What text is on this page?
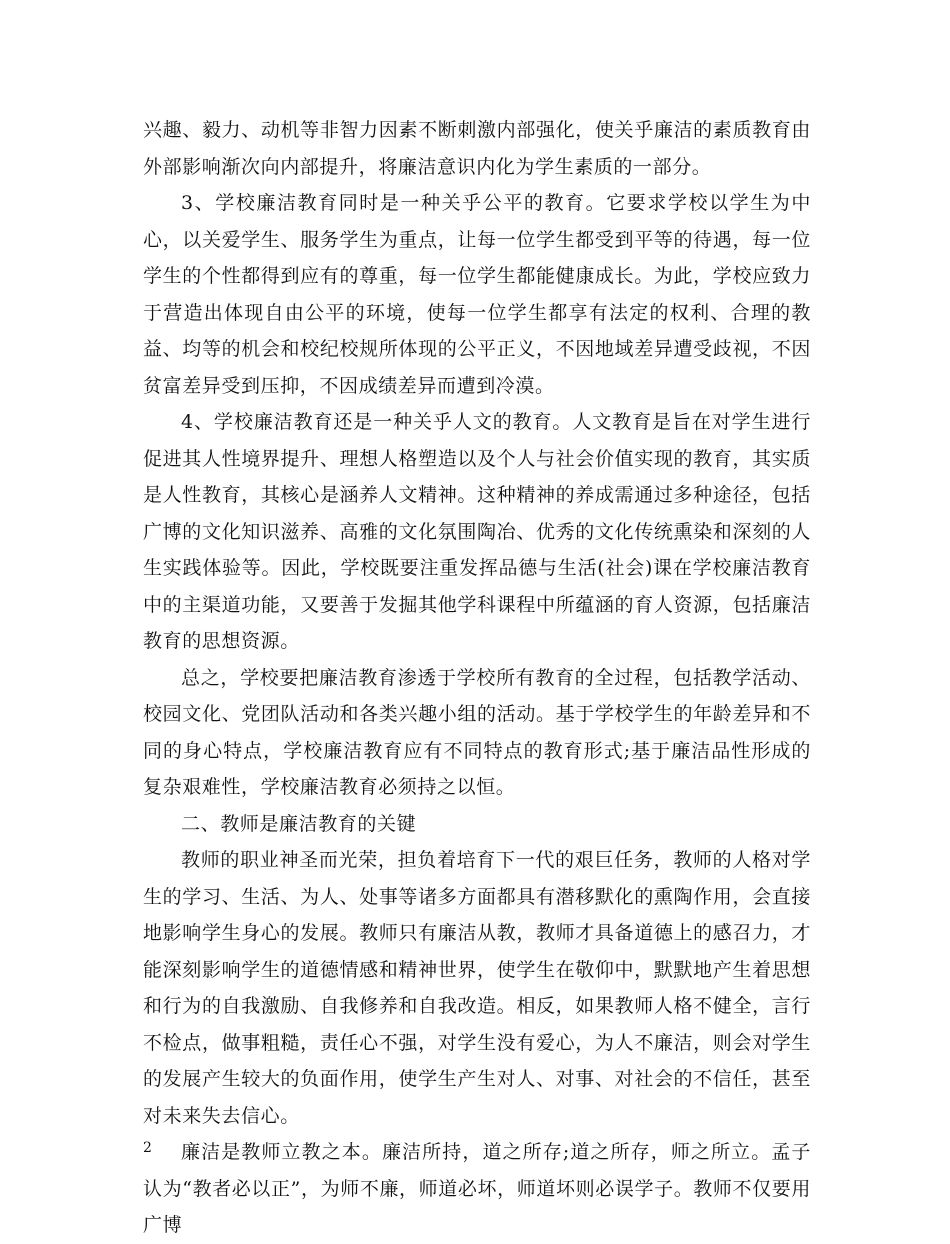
兴趣、毅力、动机等非智力因素不断刺激内部强化，使关乎廉洁的素质教育由外部影响渐次向内部提升，将廉洁意识内化为学生素质的一部分。

3、学校廉洁教育同时是一种关乎公平的教育。它要求学校以学生为中心，以关爱学生、服务学生为重点，让每一位学生都受到平等的待遇，每一位学生的个性都得到应有的尊重，每一位学生都能健康成长。为此，学校应致力于营造出体现自由公平的环境，使每一位学生都享有法定的权利、合理的教益、均等的机会和校纪校规所体现的公平正义，不因地域差异遭受歧视，不因贫富差异受到压抑，不因成绩差异而遭到冷漠。

4、学校廉洁教育还是一种关乎人文的教育。人文教育是旨在对学生进行促进其人性境界提升、理想人格塑造以及个人与社会价值实现的教育，其实质是人性教育，其核心是涵养人文精神。这种精神的养成需通过多种途径，包括广博的文化知识滋养、高雅的文化氛围陶冶、优秀的文化传统熏染和深刻的人生实践体验等。因此，学校既要注重发挥品德与生活(社会)课在学校廉洁教育中的主渠道功能，又要善于发掘其他学科课程中所蕴涵的育人资源，包括廉洁教育的思想资源。

总之，学校要把廉洁教育渗透于学校所有教育的全过程，包括教学活动、校园文化、党团队活动和各类兴趣小组的活动。基于学校学生的年龄差异和不同的身心特点，学校廉洁教育应有不同特点的教育形式;基于廉洁品性形成的复杂艰难性，学校廉洁教育必须持之以恒。

二、教师是廉洁教育的关键

教师的职业神圣而光荣，担负着培育下一代的艰巨任务，教师的人格对学生的学习、生活、为人、处事等诸多方面都具有潜移默化的熏陶作用，会直接地影响学生身心的发展。教师只有廉洁从教，教师才具备道德上的感召力，才能深刻影响学生的道德情感和精神世界，使学生在敬仰中，默默地产生着思想和行为的自我激励、自我修养和自我改造。相反，如果教师人格不健全，言行不检点，做事粗糙，责任心不强，对学生没有爱心，为人不廉洁，则会对学生的发展产生较大的负面作用，使学生产生对人、对事、对社会的不信任，甚至对未来失去信心。

廉洁是教师立教之本。廉洁所持，道之所存;道之所存，师之所立。孟子认为“教者必以正”，为师不廉，师道必坏，师道坏则必误学子。教师不仅要用广博

2
